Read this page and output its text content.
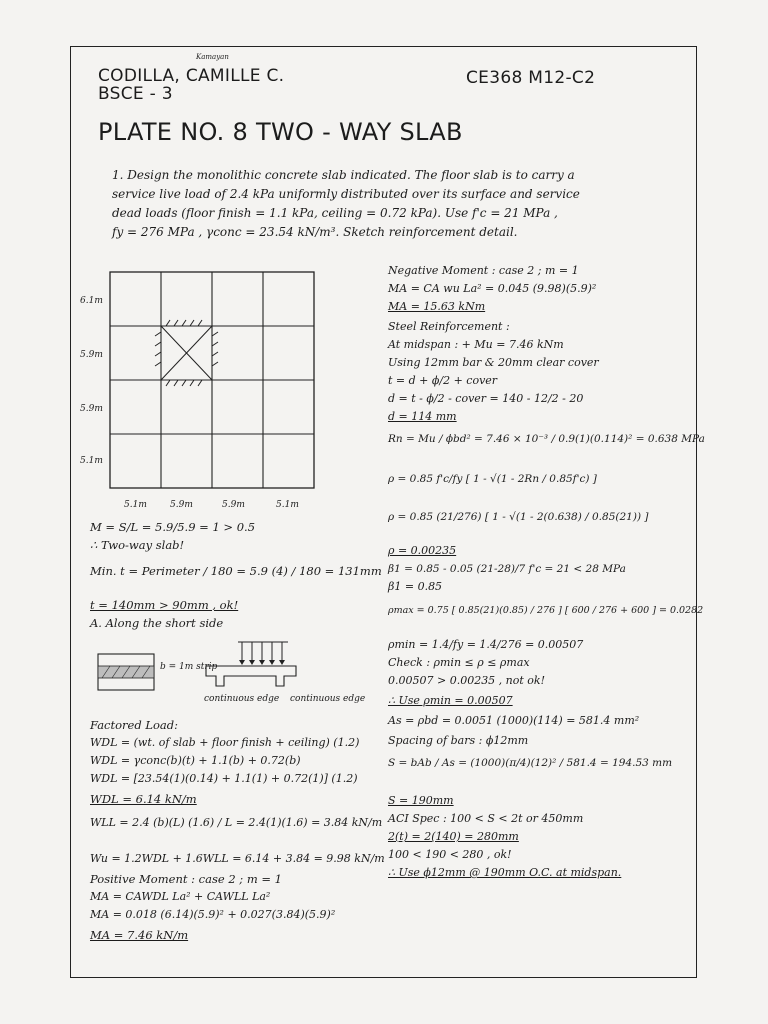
CODILLA, CAMILLE C.
Kamayan
BSCE - 3
CE368 M12-C2
PLATE NO. 8 TWO - WAY SLAB
1. Design the monolithic concrete slab indicated. The floor slab is to carry a
service live load of 2.4 kPa uniformly distributed over its surface and service
dead loads (floor finish = 1.1 kPa, ceiling = 0.72 kPa). Use f'c = 21 MPa ,
fy = 276 MPa , γconc = 23.54 kN/m³. Sketch reinforcement detail.
6.1m
5.9m
5.9m
5.1m
5.1m	5.9m	5.9m	5.1m
M = S/L = 5.9/5.9 = 1 > 0.5
∴ Two-way slab!
Min. t = Perimeter / 180 = 5.9 (4) / 180 = 131mm
t = 140mm > 90mm , ok!
A. Along the short side
b = 1m strip
continuous edge continuous edge
Factored Load:
WDL = (wt. of slab + floor finish + ceiling) (1.2)
WDL = γconc(b)(t) + 1.1(b) + 0.72(b)
WDL = [23.54(1)(0.14) + 1.1(1) + 0.72(1)] (1.2)
WDL = 6.14 kN/m
WLL = 2.4 (b)(L) (1.6) / L = 2.4(1)(1.6) = 3.84 kN/m
Wu = 1.2WDL + 1.6WLL = 6.14 + 3.84 = 9.98 kN/m
Positive Moment : case 2 ; m = 1
MA = CAWDL La² + CAWLL La²
MA = 0.018 (6.14)(5.9)² + 0.027(3.84)(5.9)²
MA = 7.46 kN/m
Negative Moment : case 2 ; m = 1
MA = CA wu La² = 0.045 (9.98)(5.9)²
MA = 15.63 kNm
Steel Reinforcement :
At midspan : + Mu = 7.46 kNm
Using 12mm bar & 20mm clear cover
t = d + ϕ/2 + cover
d = t - ϕ/2 - cover = 140 - 12/2 - 20
d = 114 mm
Rn = Mu / ϕbd² = 7.46 × 10⁻³ / 0.9(1)(0.114)² = 0.638 MPa
ρ = 0.85 f'c/fy [ 1 - √(1 - 2Rn / 0.85f'c) ]
ρ = 0.85 (21/276) [ 1 - √(1 - 2(0.638) / 0.85(21)) ]
ρ = 0.00235
β1 = 0.85 - 0.05 (21-28)/7 f'c = 21 < 28 MPa
β1 = 0.85
ρmax = 0.75 [ 0.85(21)(0.85) / 276 ] [ 600 / 276 + 600 ] = 0.0282
ρmin = 1.4/fy = 1.4/276 = 0.00507
Check : ρmin ≤ ρ ≤ ρmax
0.00507 > 0.00235 , not ok!
∴ Use ρmin = 0.00507
As = ρbd = 0.0051 (1000)(114) = 581.4 mm²
Spacing of bars : ϕ12mm
S = bAb / As = (1000)(π/4)(12)² / 581.4 = 194.53 mm
S = 190mm
ACI Spec : 100 < S < 2t or 450mm
2(t) = 2(140) = 280mm
100 < 190 < 280 , ok!
∴ Use ϕ12mm @ 190mm O.C. at midspan.
